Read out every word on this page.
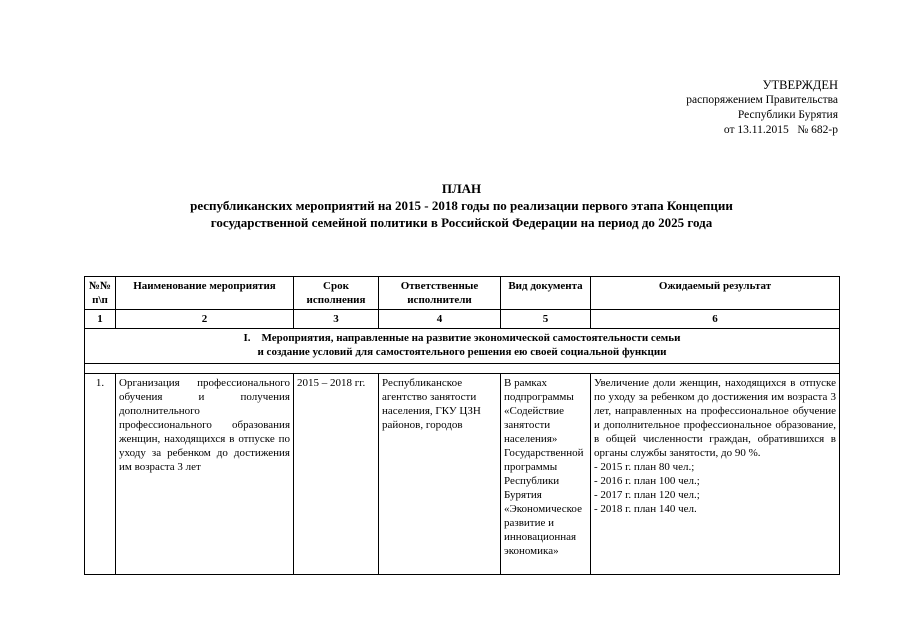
УТВЕРЖДЕН
распоряжением Правительства
Республики Бурятия
от 13.11.2015   № 682-р
ПЛАН
республиканских мероприятий на 2015 - 2018 годы по реализации первого этапа Концепции
государственной семейной политики в Российской Федерации на период до 2025 года
№№ п\п	Наименование мероприятия	Срок исполнения	Ответственные исполнители	Вид документа	Ожидаемый результат
1	2	3	4	5	6

I.    Мероприятия, направленные на развитие экономической самостоятельности семьи
и создание условий для самостоятельного решения ею своей социальной функции					

1.	Организация профессионального обучения и получения дополнительного профессионального образования женщин, находящихся в отпуске по уходу за ребенком до достижения им возраста 3 лет	2015 – 2018 гг.	Республиканское агентство занятости населения, ГКУ ЦЗН районов, городов	В рамках подпрограммы «Содействие занятости населения» Государственной программы Республики Бурятия «Экономическое развитие и инновационная экономика»	Увеличение доли женщин, находящихся в отпуске по уходу за ребенком до достижения им возраста 3 лет, направленных на профессиональное обучение и дополнительное профессиональное образование, в общей численности граждан, обратившихся в органы службы занятости, до 90 %.
- 2015 г. план 80 чел.;
- 2016 г. план 100 чел.;
- 2017 г. план 120 чел.;
- 2018 г. план 140 чел.
